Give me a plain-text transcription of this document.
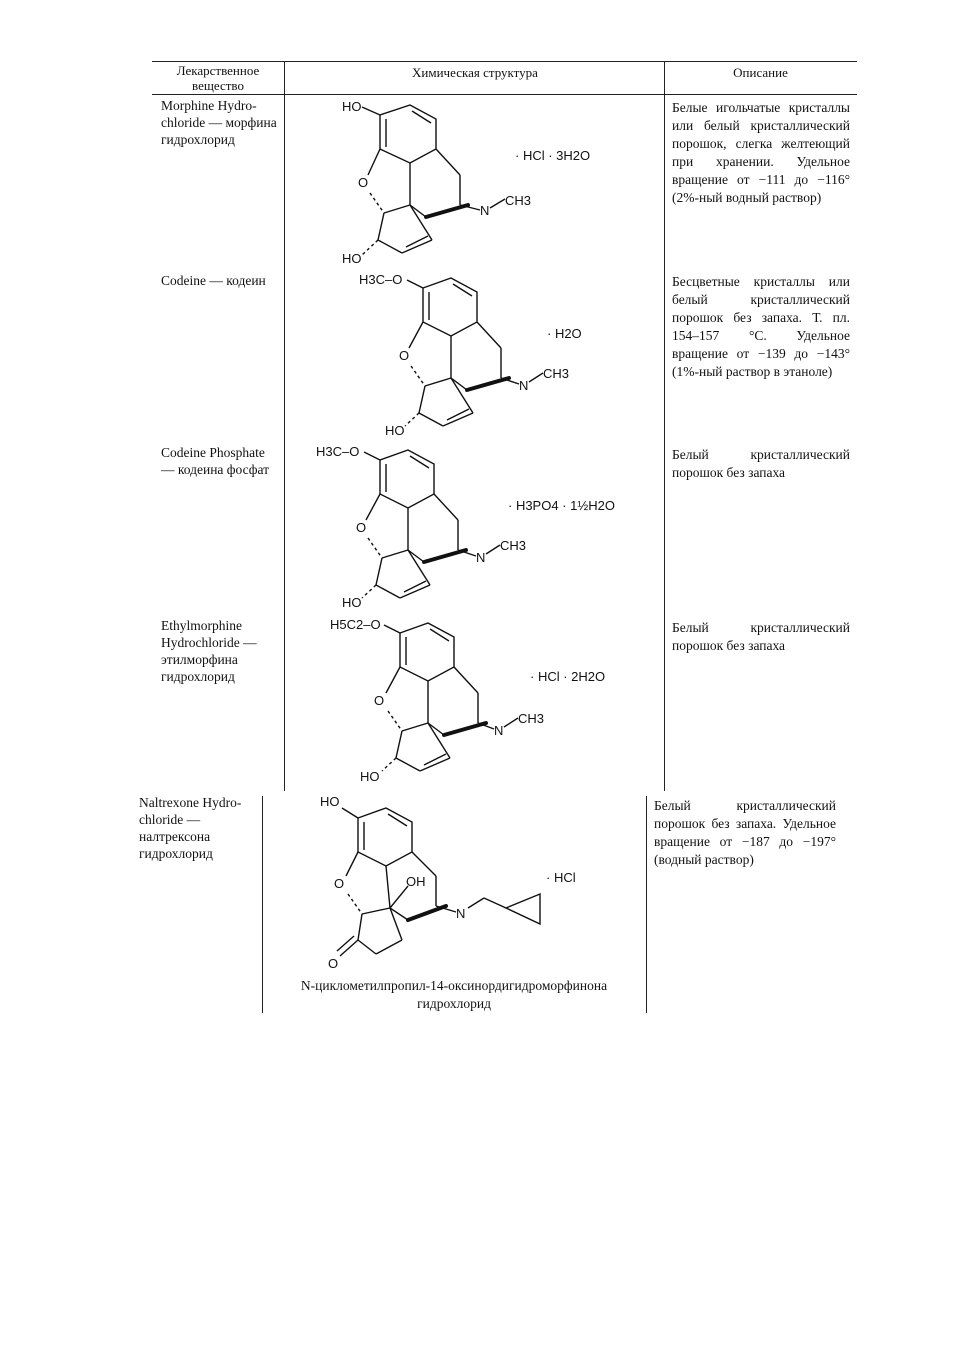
Лекарственное вещество
Химическая структура	Описание
Morphine Hydro-chloride — морфина гидрохлорид
Codeine — кодеин
Codeine Phosphate — кодеина фосфат
Ethylmorphine Hydrochloride — этилморфина гидрохлорид
Naltrexone Hydro-chloride — налтрексона гидрохлорид
Белые игольчатые кристаллы или белый кристаллический порошок, слегка желтеющий при хранении. Удельное вращение от −111 до −116° (2%-ный водный раствор)
Бесцветные кристаллы или белый кристаллический порошок без запаха. Т. пл. 154–157 °С. Удельное вращение от −139 до −143° (1%-ный раствор в этаноле)
Белый кристаллический порошок без запаха
Белый кристаллический порошок без запаха
Белый кристаллический порошок без запаха. Удельное вращение от −187 до −197° (водный раствор)
HO
O
N
CH3
HO
· HCl · 3H2O
H3C–O
O
N
CH3
HO
· H2O
H3C–O
O
N
CH3
HO
· H3PO4 · 1½H2O
H5C2–O
O
N
CH3
HO
· HCl · 2H2O
HO
O	OH
N
O
· HCl
N-циклометилпропил-14-оксинордигидроморфинона гидрохлорид
